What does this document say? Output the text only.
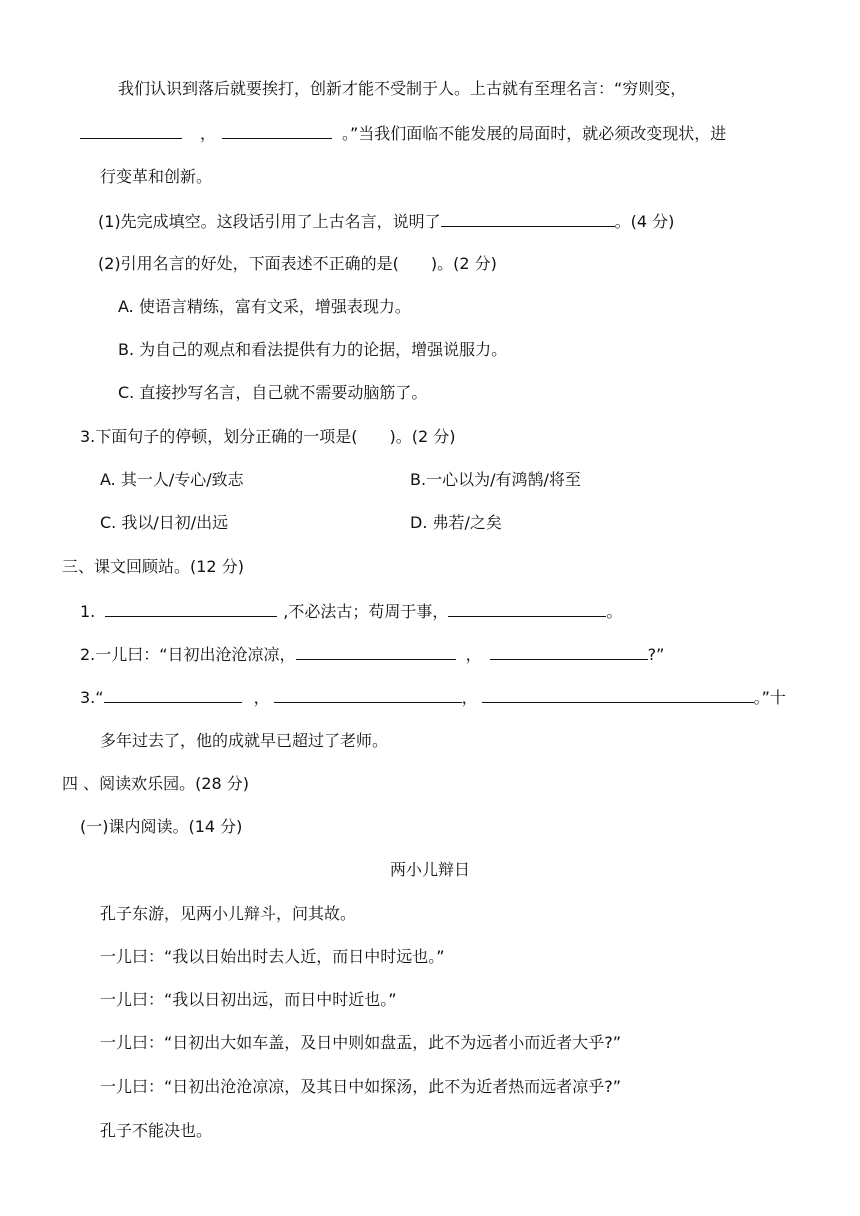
我们认识到落后就要挨打，创新才能不受制于人。上古就有至理名言：“穷则变，
，	。”当我们面临不能发展的局面时，就必须改变现状，进
行变革和创新。
(1)先完成填空。这段话引用了上古名言，说明了	。(4 分)
(2)引用名言的好处，下面表述不正确的是(　　)。(2 分)
A. 使语言精练，富有文采，增强表现力。
B. 为自己的观点和看法提供有力的论据，增强说服力。
C. 直接抄写名言，自己就不需要动脑筋了。
3.下面句子的停顿，划分正确的一项是(　　)。(2 分)
A. 其一人/专心/致志	B.一心以为/有鸿鹄/将至
C. 我以/日初/出远	D. 弗若/之矣
三、课文回顾站。(12 分)
1.	,不必法古；苟周于事，	。
2.一儿曰：“日初出沧沧凉凉，	，	?”
3.“	，	，	。”十
多年过去了，他的成就早已超过了老师。
四 、阅读欢乐园。(28 分)
(一)课内阅读。(14 分)
两小儿辩日
孔子东游，见两小儿辩斗，问其故。
一儿曰：“我以日始出时去人近，而日中时远也。”
一儿曰：“我以日初出远，而日中时近也。”
一儿曰：“日初出大如车盖，及日中则如盘盂，此不为远者小而近者大乎?”
一儿曰：“日初出沧沧凉凉，及其日中如探汤，此不为近者热而远者凉乎?”
孔子不能决也。
